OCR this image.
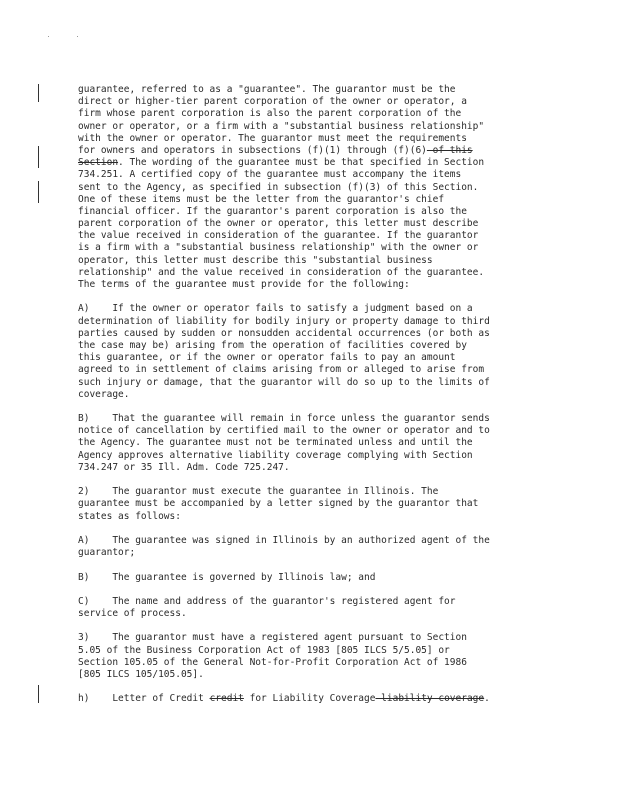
guarantee, referred to as a "guarantee". The guarantor must be the
direct or higher-tier parent corporation of the owner or operator, a
firm whose parent corporation is also the parent corporation of the
owner or operator, or a firm with a "substantial business relationship"
with the owner or operator. The guarantor must meet the requirements
for owners and operators in subsections (f)(1) through (f)(6) of this
Section. The wording of the guarantee must be that specified in Section
734.251. A certified copy of the guarantee must accompany the items
sent to the Agency, as specified in subsection (f)(3) of this Section.
One of these items must be the letter from the guarantor's chief
financial officer. If the guarantor's parent corporation is also the
parent corporation of the owner or operator, this letter must describe
the value received in consideration of the guarantee. If the guarantor
is a firm with a "substantial business relationship" with the owner or
operator, this letter must describe this "substantial business
relationship" and the value received in consideration of the guarantee.
The terms of the guarantee must provide for the following:
A)    If the owner or operator fails to satisfy a judgment based on a
determination of liability for bodily injury or property damage to third
parties caused by sudden or nonsudden accidental occurrences (or both as
the case may be) arising from the operation of facilities covered by
this guarantee, or if the owner or operator fails to pay an amount
agreed to in settlement of claims arising from or alleged to arise from
such injury or damage, that the guarantor will do so up to the limits of
coverage.
B)    That the guarantee will remain in force unless the guarantor sends
notice of cancellation by certified mail to the owner or operator and to
the Agency. The guarantee must not be terminated unless and until the
Agency approves alternative liability coverage complying with Section
734.247 or 35 Ill. Adm. Code 725.247.
2)    The guarantor must execute the guarantee in Illinois. The
guarantee must be accompanied by a letter signed by the guarantor that
states as follows:
A)    The guarantee was signed in Illinois by an authorized agent of the
guarantor;
B)    The guarantee is governed by Illinois law; and
C)    The name and address of the guarantor's registered agent for
service of process.
3)    The guarantor must have a registered agent pursuant to Section
5.05 of the Business Corporation Act of 1983 [805 ILCS 5/5.05] or
Section 105.05 of the General Not-for-Profit Corporation Act of 1986
[805 ILCS 105/105.05].
h)    Letter of Credit credit for Liability Coverage liability coverage.
